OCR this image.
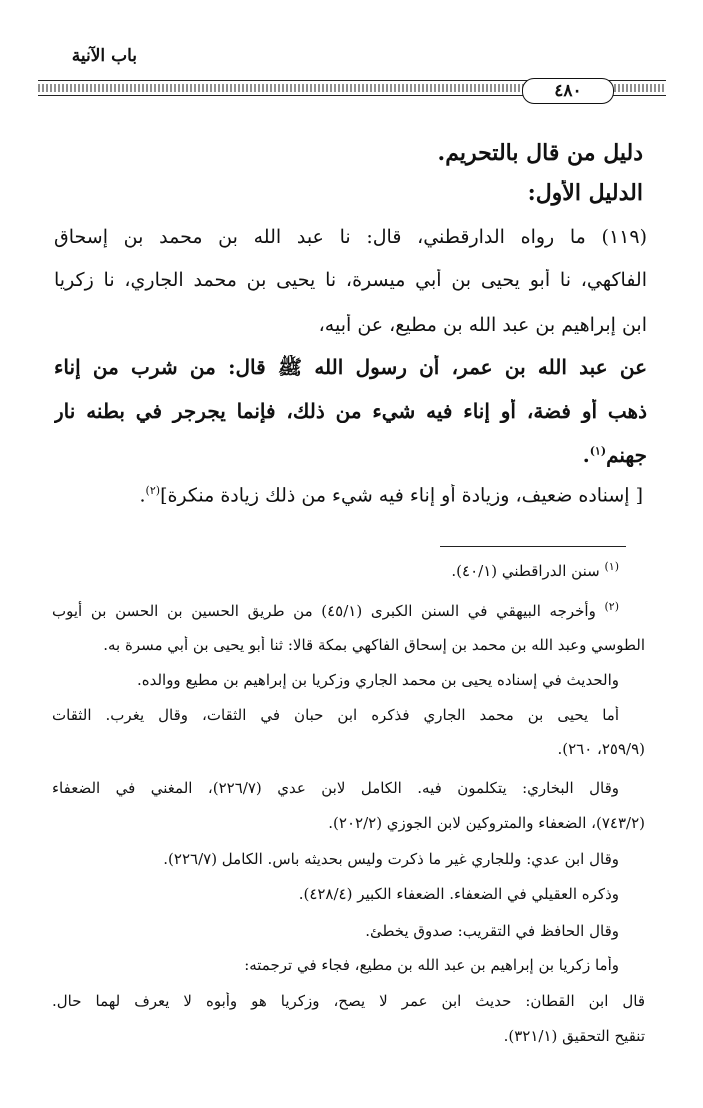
باب الآنية
٤٨٠
دليل من قال بالتحريم.
الدليل الأول:
(١١٩) ما رواه الدارقطني، قال: نا عبد الله بن محمد بن إسحاق
الفاكهي، نا أبو يحيى بن أبي ميسرة، نا يحيى بن محمد الجاري، نا زكريا
ابن إبراهيم بن عبد الله بن مطيع، عن أبيه،
عن عبد الله بن عمر، أن رسول الله ﷺ قال: من شرب من إناء
ذهب أو فضة، أو إناء فيه شيء من ذلك، فإنما يجرجر في بطنه نار
جهنم$^{(١)}$.
[ إسناده ضعيف، وزيادة أو إناء فيه شيء من ذلك زيادة منكرة]$^{(٢)}$.
$^{(١)}$ سنن الدراقطني (٤٠/١).
$^{(٢)}$ وأخرجه البيهقي في السنن الكبرى (٤٥/١) من طريق الحسين بن الحسن بن أيوب
الطوسي وعبد الله بن محمد بن إسحاق الفاكهي بمكة قالا: ثنا أبو يحيى بن أبي مسرة به.
والحديث في إسناده يحيى بن محمد الجاري وزكريا بن إبراهيم بن مطيع ووالده.
أما يحيى بن محمد الجاري فذكره ابن حبان في الثقات، وقال يغرب. الثقات
(٢٥٩/٩، ٢٦٠).
وقال البخاري: يتكلمون فيه. الكامل لابن عدي (٢٢٦/٧)، المغني في الضعفاء
(٧٤٣/٢)، الضعفاء والمتروكين لابن الجوزي (٢٠٢/٢).
وقال ابن عدي: وللجاري غير ما ذكرت وليس بحديثه باس. الكامل (٢٢٦/٧).
وذكره العقيلي في الضعفاء. الضعفاء الكبير (٤٢٨/٤).
وقال الحافظ في التقريب: صدوق يخطئ.
وأما زكريا بن إبراهيم بن عبد الله بن مطيع، فجاء في ترجمته:
قال ابن القطان: حديث ابن عمر لا يصح، وزكريا هو وأبوه لا يعرف لهما حال.
تنقيح التحقيق (٣٢١/١).
